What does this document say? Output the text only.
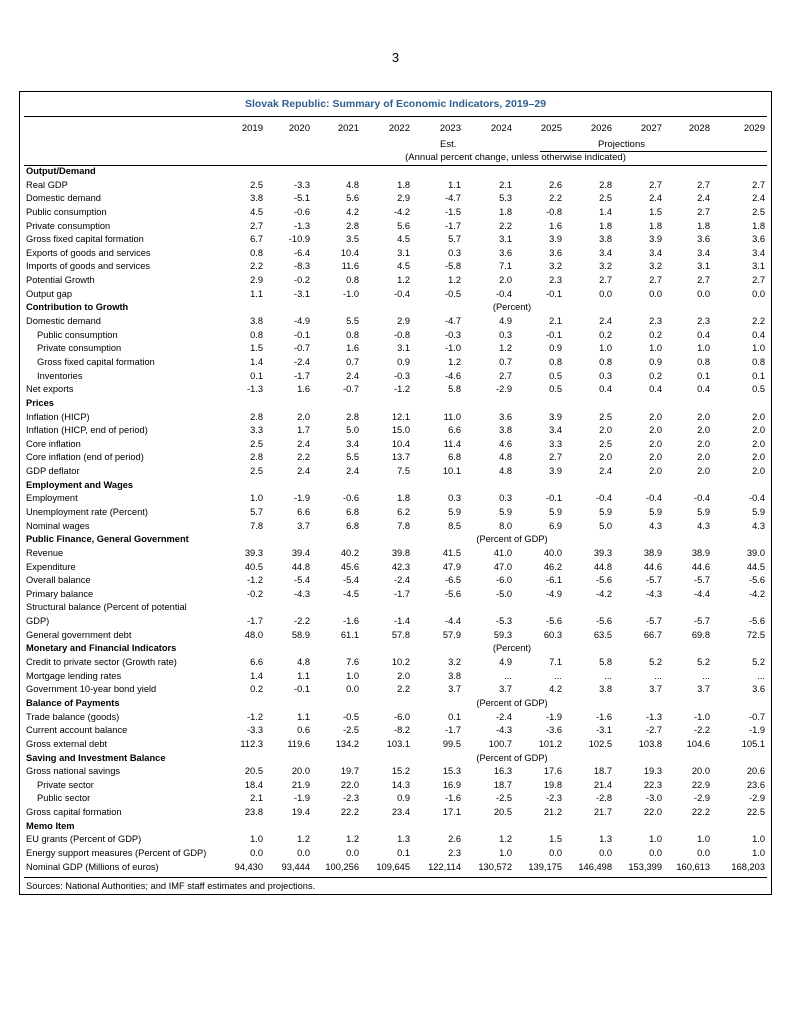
3
Slovak Republic: Summary of Economic Indicators, 2019–29
2019	2020	2021	2022	2023	2024	2025	2026	2027	2028	2029
Est.	Projections
(Annual percent change, unless otherwise indicated)
Output/Demand
Real GDP	2.5	-3.3	4.8	1.8	1.1	2.1	2.6	2.8	2.7	2.7	2.7
Domestic demand	3.8	-5.1	5.6	2.9	-4.7	5.3	2.2	2.5	2.4	2.4	2.4
Public consumption	4.5	-0.6	4.2	-4.2	-1.5	1.8	-0.8	1.4	1.5	2.7	2.5
Private consumption	2.7	-1.3	2.8	5.6	-1.7	2.2	1.6	1.8	1.8	1.8	1.8
Gross fixed capital formation	6.7	-10.9	3.5	4.5	5.7	3.1	3.9	3.8	3.9	3.6	3.6
Exports of goods and services	0.8	-6.4	10.4	3.1	0.3	3.6	3.6	3.4	3.4	3.4	3.4
Imports of goods and services	2.2	-8.3	11.6	4.5	-5.8	7.1	3.2	3.2	3.2	3.1	3.1
Potential Growth	2.9	-0.2	0.8	1.2	1.2	2.0	2.3	2.7	2.7	2.7	2.7
Output gap	1.1	-3.1	-1.0	-0.4	-0.5	-0.4	-0.1	0.0	0.0	0.0	0.0
Contribution to Growth	(Percent)
Domestic demand	3.8	-4.9	5.5	2.9	-4.7	4.9	2.1	2.4	2.3	2.3	2.2
Public consumption	0.8	-0.1	0.8	-0.8	-0.3	0.3	-0.1	0.2	0.2	0.4	0.4
Private consumption	1.5	-0.7	1.6	3.1	-1.0	1.2	0.9	1.0	1.0	1.0	1.0
Gross fixed capital formation	1.4	-2.4	0.7	0.9	1.2	0.7	0.8	0.8	0.9	0.8	0.8
Inventories	0.1	-1.7	2.4	-0.3	-4.6	2.7	0.5	0.3	0.2	0.1	0.1
Net exports	-1.3	1.6	-0.7	-1.2	5.8	-2.9	0.5	0.4	0.4	0.4	0.5
Prices
Inflation (HICP)	2.8	2.0	2.8	12.1	11.0	3.6	3.9	2.5	2.0	2.0	2.0
Inflation (HICP, end of period)	3.3	1.7	5.0	15.0	6.6	3.8	3.4	2.0	2.0	2.0	2.0
Core inflation	2.5	2.4	3.4	10.4	11.4	4.6	3.3	2.5	2.0	2.0	2.0
Core inflation (end of period)	2.8	2.2	5.5	13.7	6.8	4.8	2.7	2.0	2.0	2.0	2.0
GDP deflator	2.5	2.4	2.4	7.5	10.1	4.8	3.9	2.4	2.0	2.0	2.0
Employment and Wages
Employment	1.0	-1.9	-0.6	1.8	0.3	0.3	-0.1	-0.4	-0.4	-0.4	-0.4
Unemployment rate (Percent)	5.7	6.6	6.8	6.2	5.9	5.9	5.9	5.9	5.9	5.9	5.9
Nominal wages	7.8	3.7	6.8	7.8	8.5	8.0	6.9	5.0	4.3	4.3	4.3
Public Finance, General Government	(Percent of GDP)
Revenue	39.3	39.4	40.2	39.8	41.5	41.0	40.0	39.3	38.9	38.9	39.0
Expenditure	40.5	44.8	45.6	42.3	47.9	47.0	46.2	44.8	44.6	44.6	44.5
Overall balance	-1.2	-5.4	-5.4	-2.4	-6.5	-6.0	-6.1	-5.6	-5.7	-5.7	-5.6
Primary balance	-0.2	-4.3	-4.5	-1.7	-5.6	-5.0	-4.9	-4.2	-4.3	-4.4	-4.2
Structural balance (Percent of potential
GDP)	-1.7	-2.2	-1.6	-1.4	-4.4	-5.3	-5.6	-5.6	-5.7	-5.7	-5.6
General government debt	48.0	58.9	61.1	57.8	57.9	59.3	60.3	63.5	66.7	69.8	72.5
Monetary and Financial Indicators	(Percent)
Credit to private sector (Growth rate)	6.6	4.8	7.6	10.2	3.2	4.9	7.1	5.8	5.2	5.2	5.2
Mortgage lending rates	1.4	1.1	1.0	2.0	3.8	...	...	...	...	...	...
Government 10-year bond yield	0.2	-0.1	0.0	2.2	3.7	3.7	4.2	3.8	3.7	3.7	3.6
Balance of Payments	(Percent of GDP)
Trade balance (goods)	-1.2	1.1	-0.5	-6.0	0.1	-2.4	-1.9	-1.6	-1.3	-1.0	-0.7
Current account balance	-3.3	0.6	-2.5	-8.2	-1.7	-4.3	-3.6	-3.1	-2.7	-2.2	-1.9
Gross external debt	112.3	119.6	134.2	103.1	99.5	100.7	101.2	102.5	103.8	104.6	105.1
Saving and Investment Balance	(Percent of GDP)
Gross national savings	20.5	20.0	19.7	15.2	15.3	16.3	17.6	18.7	19.3	20.0	20.6
Private sector	18.4	21.9	22.0	14.3	16.9	18.7	19.8	21.4	22.3	22.9	23.6
Public sector	2.1	-1.9	-2.3	0.9	-1.6	-2.5	-2.3	-2.8	-3.0	-2.9	-2.9
Gross capital formation	23.8	19.4	22.2	23.4	17.1	20.5	21.2	21.7	22.0	22.2	22.5
Memo Item
EU grants (Percent of GDP)	1.0	1.2	1.2	1.3	2.6	1.2	1.5	1.3	1.0	1.0	1.0
Energy support measures (Percent of GDP)	0.0	0.0	0.0	0.1	2.3	1.0	0.0	0.0	0.0	0.0	1.0
Nominal GDP (Millions of euros)	94,430	93,444	100,256	109,645	122,114	130,572	139,175	146,498	153,399	160,613	168,203
Sources: National Authorities; and IMF staff estimates and projections.
